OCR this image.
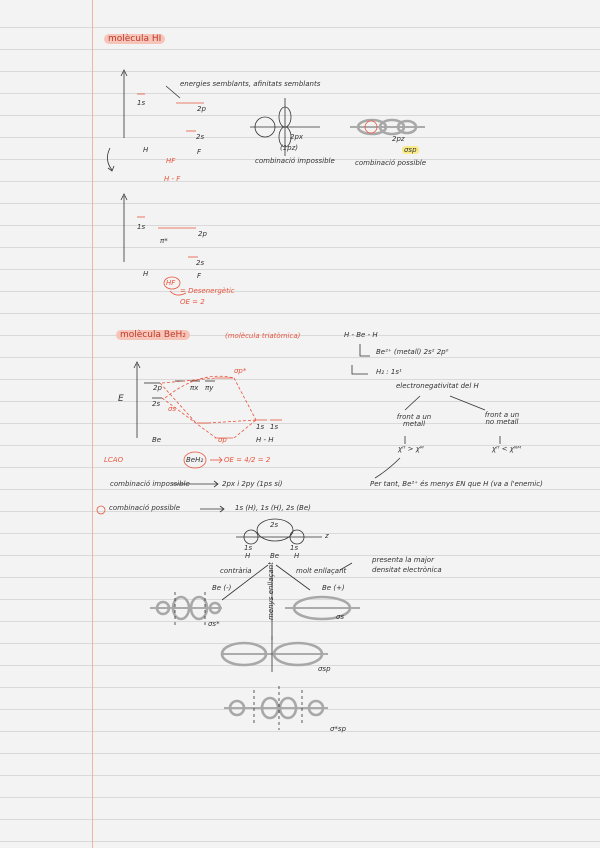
molècula HI
energies semblants, afinitats semblants
1s
2p
2s
H	F
HF
H - F
2px
(1pz)
combinació impossible
2pz
combinació possible
σsp
1s
2p
π*
2s
H	F
HF
= Desenergètic
OE = 2
molècula BeH₂	(molècula triatòmica)	H - Be - H
Be²⁺ (metall) 2s² 2p⁰
H₂ : 1s¹
electronegativitat del H
front a un metall
front a un no metall
χᴴ > χᴹ	χᴴ < χᴺᴹ
E
σp*
2p	πx πy
2s
σs
σp
1s 1s
Be	H - H
LCAO	BeH₂	OE = 4/2 = 2
combinació impossible	2px i 2py (1ps si)	Per tant, Be²⁺ és menys EN que H (va a l'enemic)
combinació possible	1s (H), 1s (H), 2s (Be)
2s
z
1s	1s
H	Be H
contrària menys enllaçant	molt enllaçant
presenta la major densitat electrònica
Be (-)	Be (+)
σs*
σs
σsp
σ*sp
